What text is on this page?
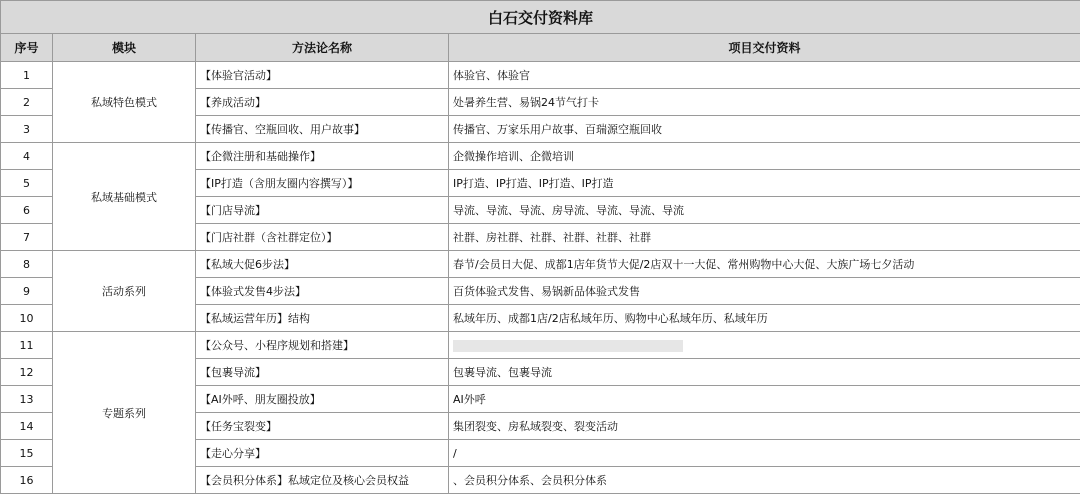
白石交付资料库			
序号	模块	方法论名称	项目交付资料
1	私域特色模式	【体验官活动】	体验官、体验官
2		【养成活动】	处暑养生营、易锅24节气打卡
3		【传播官、空瓶回收、用户故事】	传播官、万家乐用户故事、百瑞源空瓶回收
4	私域基础模式	【企微注册和基础操作】	企微操作培训、企微培训
5		【IP打造（含朋友圈内容撰写）】	IP打造、IP打造、IP打造、IP打造
6		【门店导流】	导流、导流、导流、房导流、导流、导流、导流
7		【门店社群（含社群定位）】	社群、房社群、社群、社群、社群、社群
8	活动系列	【私域大促6步法】	春节/会员日大促、成都1店年货节大促/2店双十一大促、常州购物中心大促、大族广场七夕活动
9		【体验式发售4步法】	百货体验式发售、易锅新品体验式发售
10		【私域运营年历】结构	私域年历、成都1店/2店私域年历、购物中心私域年历、私域年历
11	专题系列	【公众号、小程序规划和搭建】	
12		【包裹导流】	包裹导流、包裹导流
13		【AI外呼、朋友圈投放】	AI外呼
14		【任务宝裂变】	集团裂变、房私域裂变、裂变活动
15		【走心分享】	/
16		【会员积分体系】私域定位及核心会员权益	、会员积分体系、会员积分体系
